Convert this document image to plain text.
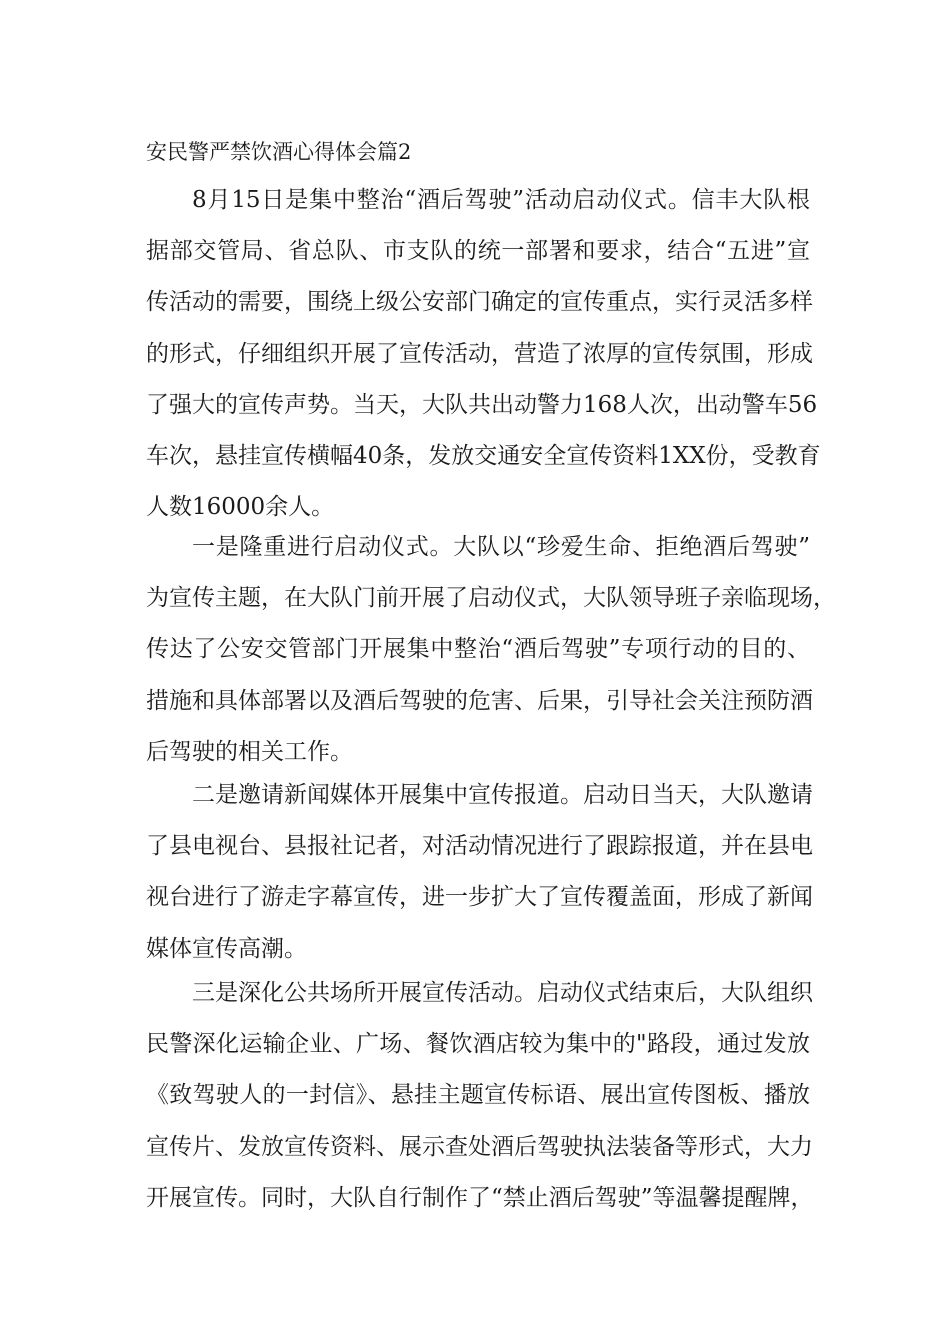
安民警严禁饮酒心得体会篇2
8月15日是集中整治“酒后驾驶”活动启动仪式。信丰大队根
据部交管局、省总队、市支队的统一部署和要求，结合“五进”宣
传活动的需要，围绕上级公安部门确定的宣传重点，实行灵活多样
的形式，仔细组织开展了宣传活动，营造了浓厚的宣传氛围，形成
了强大的宣传声势。当天，大队共出动警力168人次，出动警车56
车次，悬挂宣传横幅40条，发放交通安全宣传资料1XX份，受教育
人数16000余人。
一是隆重进行启动仪式。大队以“珍爱生命、拒绝酒后驾驶”
为宣传主题，在大队门前开展了启动仪式，大队领导班子亲临现场，
传达了公安交管部门开展集中整治“酒后驾驶”专项行动的目的、
措施和具体部署以及酒后驾驶的危害、后果，引导社会关注预防酒
后驾驶的相关工作。
二是邀请新闻媒体开展集中宣传报道。启动日当天，大队邀请
了县电视台、县报社记者，对活动情况进行了跟踪报道，并在县电
视台进行了游走字幕宣传，进一步扩大了宣传覆盖面，形成了新闻
媒体宣传高潮。
三是深化公共场所开展宣传活动。启动仪式结束后，大队组织
民警深化运输企业、广场、餐饮酒店较为集中的"路段，通过发放
《致驾驶人的一封信》、悬挂主题宣传标语、展出宣传图板、播放
宣传片、发放宣传资料、展示查处酒后驾驶执法装备等形式，大力
开展宣传。同时，大队自行制作了“禁止酒后驾驶”等温馨提醒牌，
